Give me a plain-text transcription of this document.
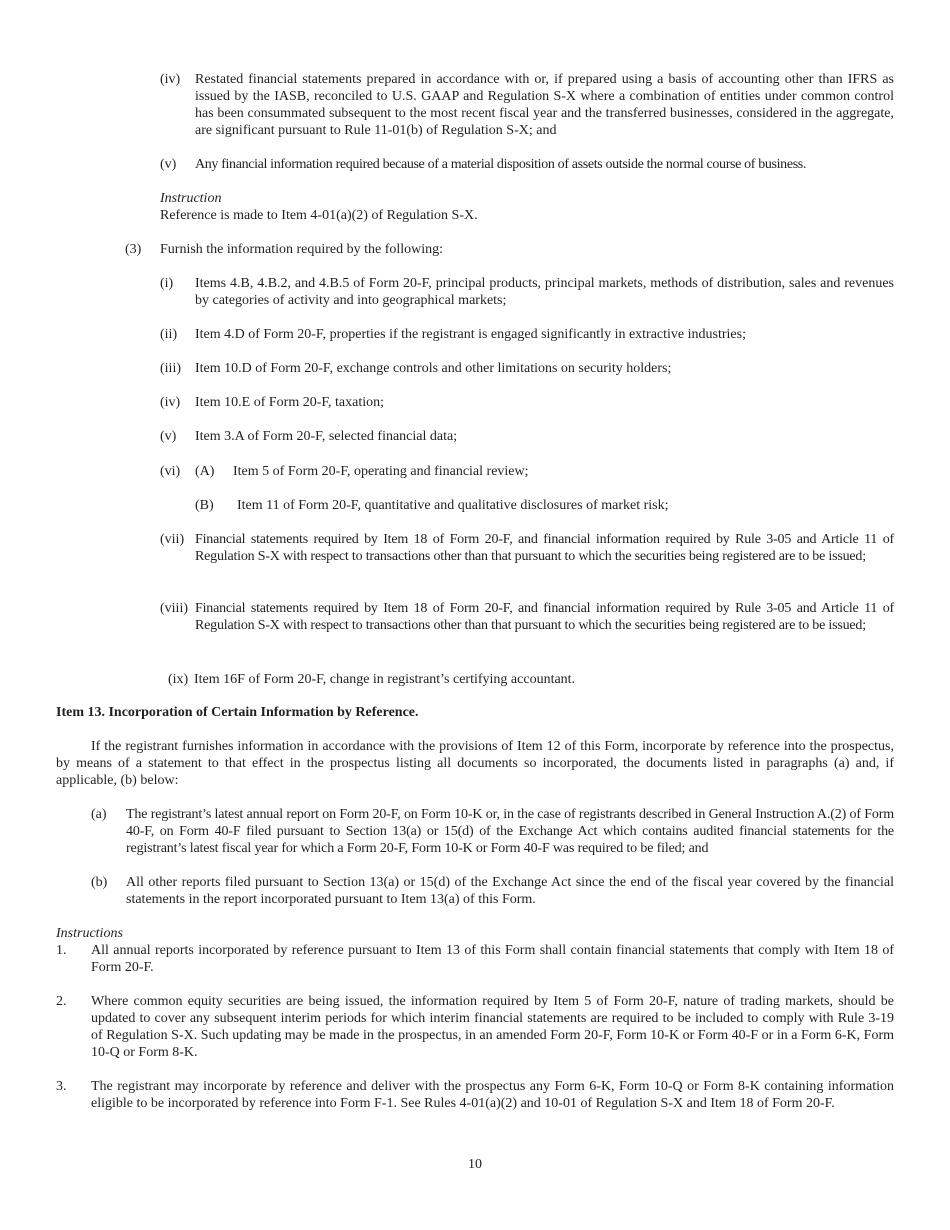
(iv) Restated financial statements prepared in accordance with or, if prepared using a basis of accounting other than IFRS as issued by the IASB, reconciled to U.S. GAAP and Regulation S-X where a combination of entities under common control has been consummated subsequent to the most recent fiscal year and the transferred businesses, considered in the aggregate, are significant pursuant to Rule 11-01(b) of Regulation S-X; and
(v) Any financial information required because of a material disposition of assets outside the normal course of business.
Instruction
Reference is made to Item 4-01(a)(2) of Regulation S-X.
(3) Furnish the information required by the following:
(i) Items 4.B, 4.B.2, and 4.B.5 of Form 20-F, principal products, principal markets, methods of distribution, sales and revenues by categories of activity and into geographical markets;
(ii) Item 4.D of Form 20-F, properties if the registrant is engaged significantly in extractive industries;
(iii) Item 10.D of Form 20-F, exchange controls and other limitations on security holders;
(iv) Item 10.E of Form 20-F, taxation;
(v) Item 3.A of Form 20-F, selected financial data;
(vi) (A) Item 5 of Form 20-F, operating and financial review;
(B) Item 11 of Form 20-F, quantitative and qualitative disclosures of market risk;
(vii) Financial statements required by Item 18 of Form 20-F, and financial information required by Rule 3-05 and Article 11 of Regulation S-X with respect to transactions other than that pursuant to which the securities being registered are to be issued;
(viii) Financial statements required by Item 18 of Form 20-F, and financial information required by Rule 3-05 and Article 11 of Regulation S-X with respect to transactions other than that pursuant to which the securities being registered are to be issued;
(ix) Item 16F of Form 20-F, change in registrant’s certifying accountant.
Item 13. Incorporation of Certain Information by Reference.
If the registrant furnishes information in accordance with the provisions of Item 12 of this Form, incorporate by reference into the prospectus, by means of a statement to that effect in the prospectus listing all documents so incorporated, the documents listed in paragraphs (a) and, if applicable, (b) below:
(a) The registrant’s latest annual report on Form 20-F, on Form 10-K or, in the case of registrants described in General Instruction A.(2) of Form 40-F, on Form 40-F filed pursuant to Section 13(a) or 15(d) of the Exchange Act which contains audited financial statements for the registrant’s latest fiscal year for which a Form 20-F, Form 10-K or Form 40-F was required to be filed; and
(b) All other reports filed pursuant to Section 13(a) or 15(d) of the Exchange Act since the end of the fiscal year covered by the financial statements in the report incorporated pursuant to Item 13(a) of this Form.
Instructions
1. All annual reports incorporated by reference pursuant to Item 13 of this Form shall contain financial statements that comply with Item 18 of Form 20-F.
2. Where common equity securities are being issued, the information required by Item 5 of Form 20-F, nature of trading markets, should be updated to cover any subsequent interim periods for which interim financial statements are required to be included to comply with Rule 3-19 of Regulation S-X. Such updating may be made in the prospectus, in an amended Form 20-F, Form 10-K or Form 40-F or in a Form 6-K, Form 10-Q or Form 8-K.
3. The registrant may incorporate by reference and deliver with the prospectus any Form 6-K, Form 10-Q or Form 8-K containing information eligible to be incorporated by reference into Form F-1. See Rules 4-01(a)(2) and 10-01 of Regulation S-X and Item 18 of Form 20-F.
10
